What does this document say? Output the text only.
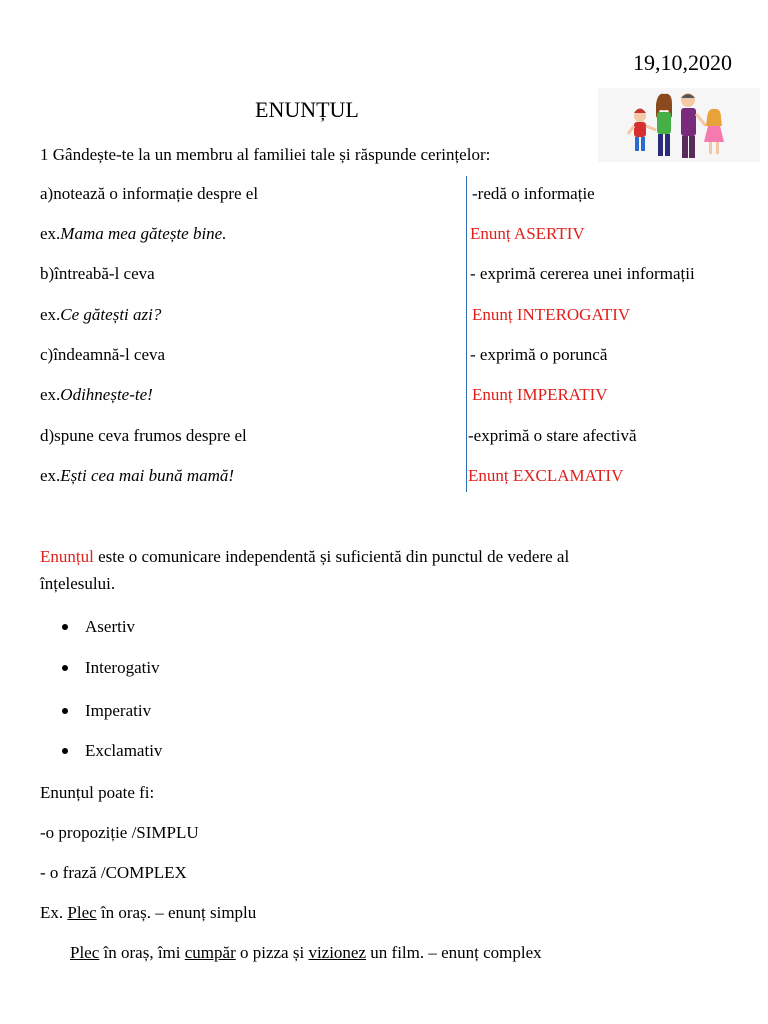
19,10,2020
ENUNȚUL
1 Gândește-te la un membru al familiei tale și răspunde cerințelor:
a)notează o informație despre el	-redă o informație
ex.Mama mea gătește bine.	Enunț ASERTIV
b)întreabă-l ceva	- exprimă cererea unei informații
ex.Ce gătești azi?	Enunț INTEROGATIV
c)îndeamnă-l ceva	- exprimă o poruncă
ex.Odihnește-te!	Enunț IMPERATIV
d)spune ceva frumos despre el	-exprimă o stare afectivă
ex.Ești cea mai bună mamă!	Enunț EXCLAMATIV
Enunțul este o comunicare independentă și suficientă din punctul de vedere al
înțelesului.
Asertiv
Interogativ
Imperativ
Exclamativ
Enunțul poate fi:
-o propoziție /SIMPLU
- o frază /COMPLEX
Ex. Plec în oraș. – enunț simplu
Plec în oraș, îmi cumpăr o pizza și vizionez un film. – enunț complex
